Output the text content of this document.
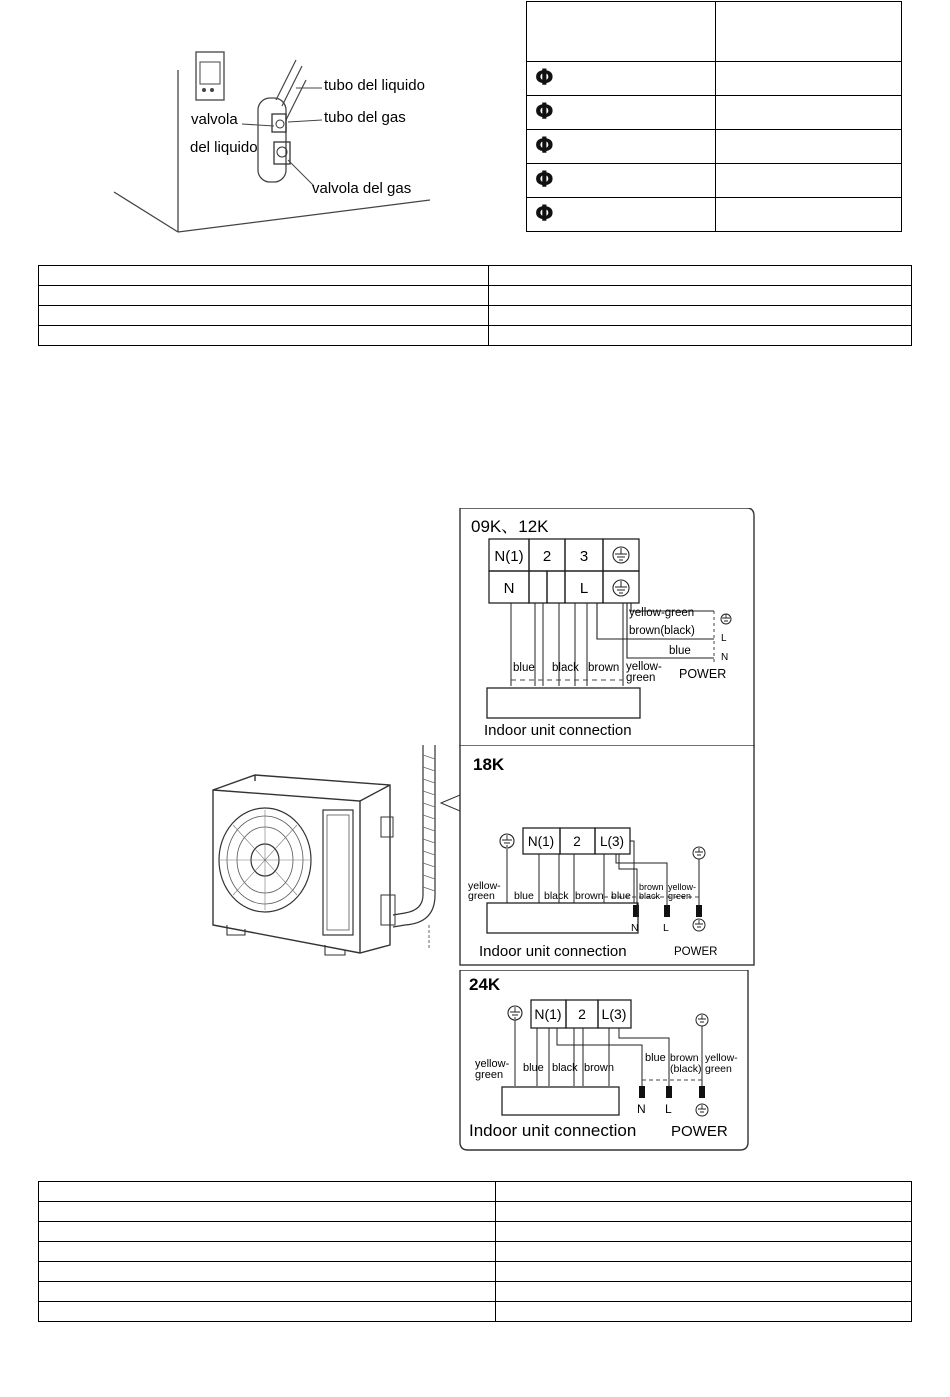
tubo del liquido
tubo del gas
valvola
del liquido
valvola del gas

Φ	
Φ	
Φ	
Φ	
Φ	

09K、12K
N(1) 2 3
N	L
yellow-green
brown(black)
blue
L
N
blue black brown yellow-
green POWER
Indoor unit connection
18K
N(1) 2 L(3)
yellow-
green blue black brown blue
brown
black
yellow-
green
N L
Indoor unit connection	POWER
24K
N(1) 2 L(3)
yellow-
green
blue black brown
blue brown
(black)
yellow-
green
N L
Indoor unit connection POWER
